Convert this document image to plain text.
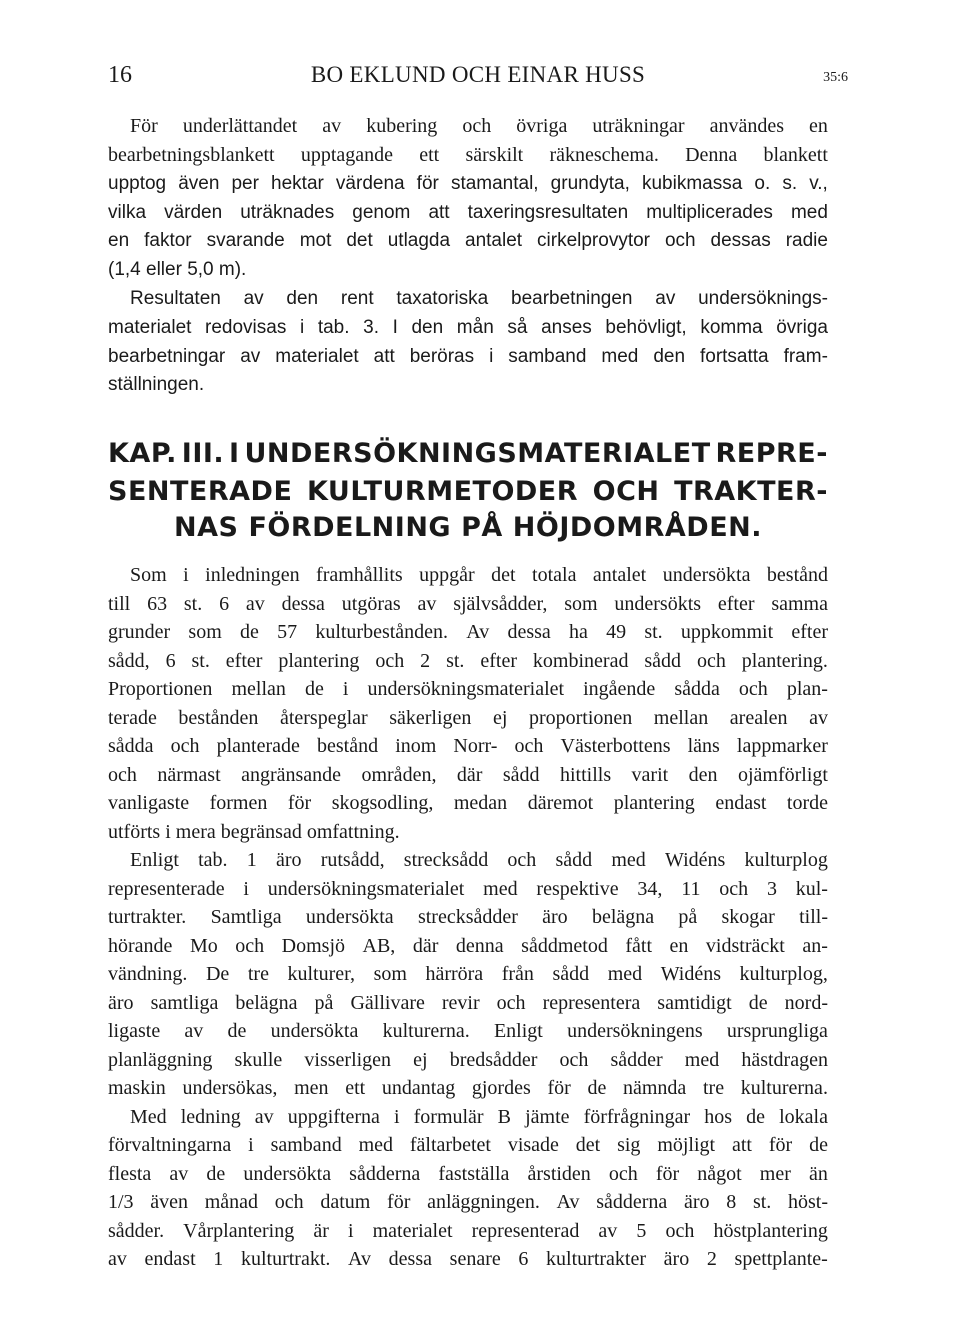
16	BO EKLUND OCH EINAR HUSS	35:6
För underlättandet av kubering och övriga uträkningar användes en
bearbetningsblankett upptagande ett särskilt räkneschema. Denna blankett
upptog även per hektar värdena för stamantal, grundyta, kubikmassa o. s. v.,
vilka värden uträknades genom att taxeringsresultaten multiplicerades med
en faktor svarande mot det utlagda antalet cirkelprovytor och dessas radie
(1,4 eller 5,0 m).
Resultaten av den rent taxatoriska bearbetningen av undersöknings-
materialet redovisas i tab. 3. I den mån så anses behövligt, komma övriga
bearbetningar av materialet att beröras i samband med den fortsatta fram-
ställningen.
KAP. III. I UNDERSÖKNINGSMATERIALET REPRE-
SENTERADE KULTURMETODER OCH TRAKTER-
NAS FÖRDELNING PÅ HÖJDOMRÅDEN.
Som i inledningen framhållits uppgår det totala antalet undersökta bestånd
till 63 st. 6 av dessa utgöras av självsådder, som undersökts efter samma
grunder som de 57 kulturbestånden. Av dessa ha 49 st. uppkommit efter
sådd, 6 st. efter plantering och 2 st. efter kombinerad sådd och plantering.
Proportionen mellan de i undersökningsmaterialet ingående sådda och plan-
terade bestånden återspeglar säkerligen ej proportionen mellan arealen av
sådda och planterade bestånd inom Norr- och Västerbottens läns lappmarker
och närmast angränsande områden, där sådd hittills varit den ojämförligt
vanligaste formen för skogsodling, medan däremot plantering endast torde
utförts i mera begränsad omfattning.
Enligt tab. 1 äro rutsådd, strecksådd och sådd med Widéns kulturplog
representerade i undersökningsmaterialet med respektive 34, 11 och 3 kul-
turtrakter. Samtliga undersökta strecksådder äro belägna på skogar till-
hörande Mo och Domsjö AB, där denna såddmetod fått en vidsträckt an-
vändning. De tre kulturer, som härröra från sådd med Widéns kulturplog,
äro samtliga belägna på Gällivare revir och representera samtidigt de nord-
ligaste av de undersökta kulturerna. Enligt undersökningens ursprungliga
planläggning skulle visserligen ej bredsådder och sådder med hästdragen
maskin undersökas, men ett undantag gjordes för de nämnda tre kulturerna.
Med ledning av uppgifterna i formulär B jämte förfrågningar hos de lokala
förvaltningarna i samband med fältarbetet visade det sig möjligt att för de
flesta av de undersökta sådderna fastställa årstiden och för något mer än
1/3 även månad och datum för anläggningen. Av sådderna äro 8 st. höst-
sådder. Vårplantering är i materialet representerad av 5 och höstplantering
av endast 1 kulturtrakt. Av dessa senare 6 kulturtrakter äro 2 spettplante-
